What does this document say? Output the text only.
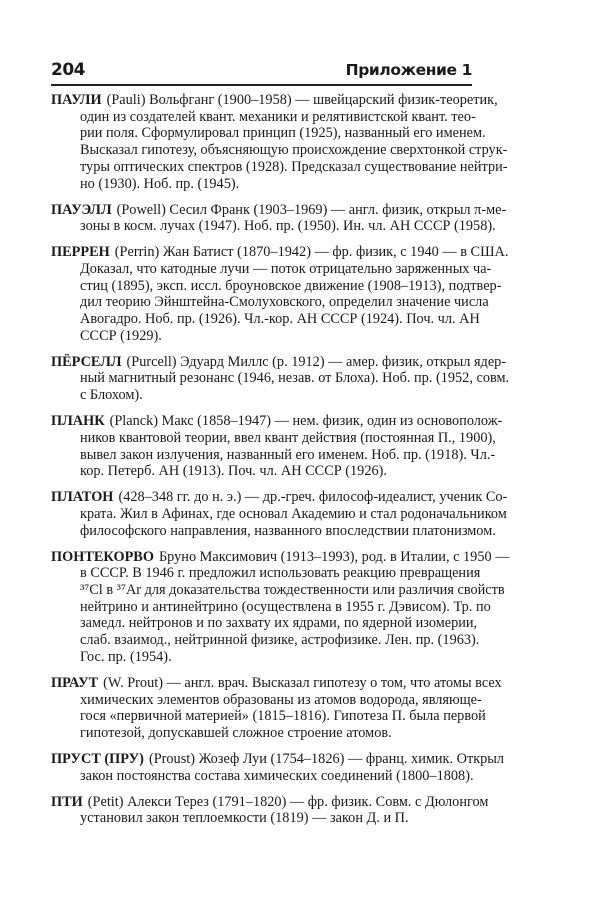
204	Приложение 1
ПАУЛИ (Pauli) Вольфганг (1900–1958) — швейцарский физик-теоретик,
один из создателей квант. механики и релятивистской квант. тео-
рии поля. Сформулировал принцип (1925), названный его именем.
Высказал гипотезу, объясняющую происхождение сверхтонкой струк-
туры оптических спектров (1928). Предсказал существование нейтри-
но (1930). Ноб. пр. (1945).
ПАУЭЛЛ (Powell) Сесил Франк (1903–1969) — англ. физик, открыл π-ме-
зоны в косм. лучах (1947). Ноб. пр. (1950). Ин. чл. АН СССР (1958).
ПЕРРЕН (Perrin) Жан Батист (1870–1942) — фр. физик, с 1940 — в США.
Доказал, что катодные лучи — поток отрицательно заряженных ча-
стиц (1895), эксп. иссл. броуновское движение (1908–1913), подтвер-
дил теорию Эйнштейна-Смолуховского, определил значение числа
Авогадро. Ноб. пр. (1926). Чл.-кор. АН СССР (1924). Поч. чл. АН
СССР (1929).
ПЁРСЕЛЛ (Purcell) Эдуард Миллс (р. 1912) — амер. физик, открыл ядер-
ный магнитный резонанс (1946, незав. от Блоха). Ноб. пр. (1952, совм.
с Блохом).
ПЛАНК (Planck) Макс (1858–1947) — нем. физик, один из основополож-
ников квантовой теории, ввел квант действия (постоянная П., 1900),
вывел закон излучения, названный его именем. Ноб. пр. (1918). Чл.-
кор. Петерб. АН (1913). Поч. чл. АН СССР (1926).
ПЛАТОН (428–348 гг. до н. э.) — др.-греч. философ-идеалист, ученик Со-
крата. Жил в Афинах, где основал Академию и стал родоначальником
философского направления, названного впоследствии платонизмом.
ПОНТЕКОРВО Бруно Максимович (1913–1993), род. в Италии, с 1950 —
в СССР. В 1946 г. предложил использовать реакцию превращения
³⁷Cl в ³⁷Ar для доказательства тождественности или различия свойств
нейтрино и антинейтрино (осуществлена в 1955 г. Дэвисом). Тр. по
замедл. нейтронов и по захвату их ядрами, по ядерной изомерии,
слаб. взаимод., нейтринной физике, астрофизике. Лен. пр. (1963).
Гос. пр. (1954).
ПРАУТ (W. Prout) — англ. врач. Высказал гипотезу о том, что атомы всех
химических элементов образованы из атомов водорода, являюще-
гося «первичной материей» (1815–1816). Гипотеза П. была первой
гипотезой, допускавшей сложное строение атомов.
ПРУСТ (ПРУ) (Proust) Жозеф Луи (1754–1826) — франц. химик. Открыл
закон постоянства состава химических соединений (1800–1808).
ПТИ (Petit) Алекси Терез (1791–1820) — фр. физик. Совм. с Дюлонгом
установил закон теплоемкости (1819) — закон Д. и П.
